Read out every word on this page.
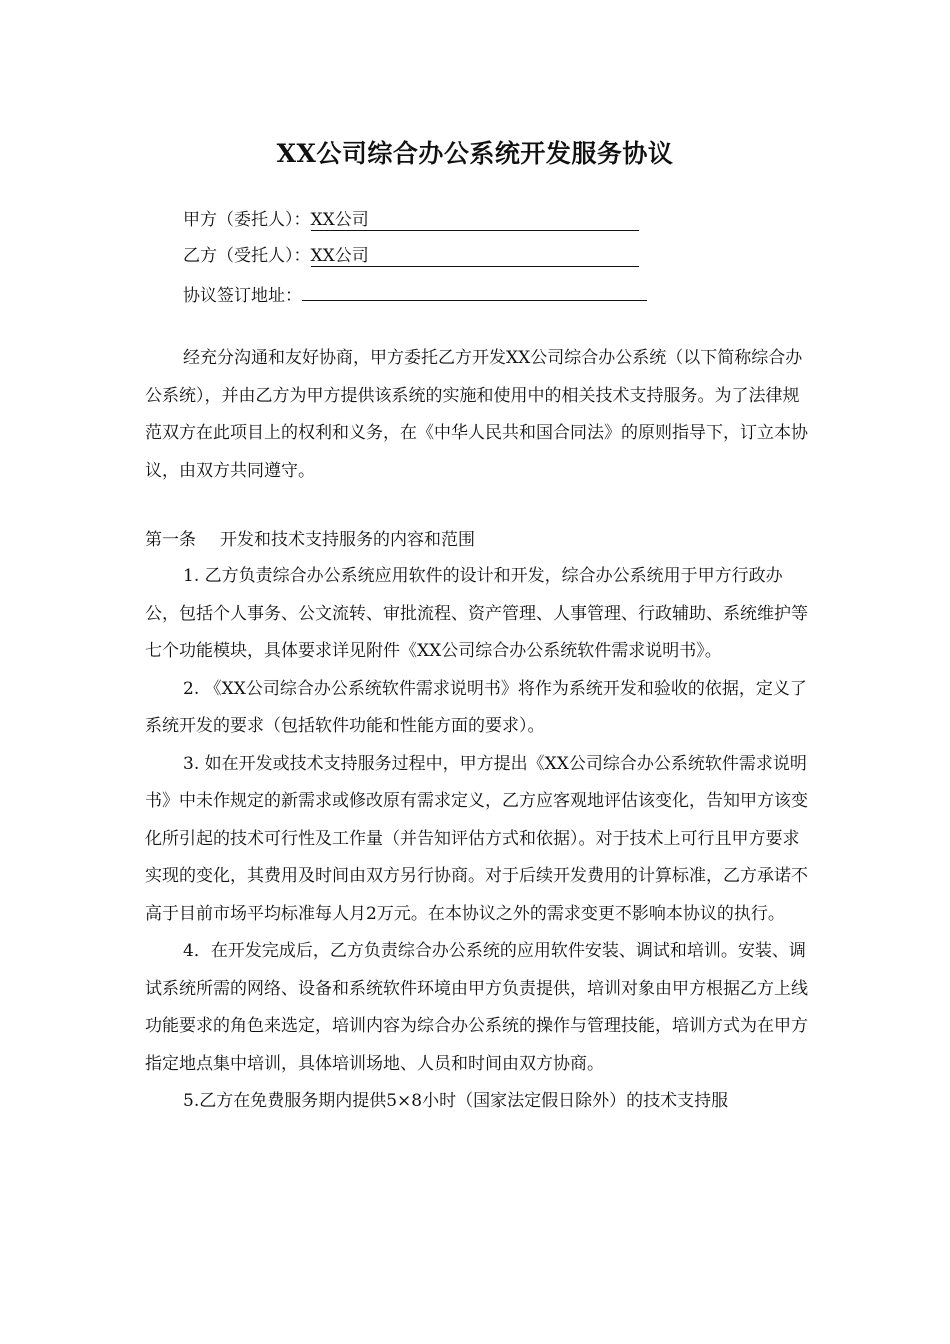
XX公司综合办公系统开发服务协议
甲方（委托人）：XX公司
乙方（受托人）：XX公司
协议签订地址：

经充分沟通和友好协商，甲方委托乙方开发XX公司综合办公系统（以下简称综合办公系统），并由乙方为甲方提供该系统的实施和使用中的相关技术支持服务。为了法律规范双方在此项目上的权利和义务，在《中华人民共和国合同法》的原则指导下，订立本协议，由双方共同遵守。

第一条 开发和技术支持服务的内容和范围

1. 乙方负责综合办公系统应用软件的设计和开发，综合办公系统用于甲方行政办公，包括个人事务、公文流转、审批流程、资产管理、人事管理、行政辅助、系统维护等七个功能模块，具体要求详见附件《XX公司综合办公系统软件需求说明书》。

2. 《XX公司综合办公系统软件需求说明书》将作为系统开发和验收的依据，定义了系统开发的要求（包括软件功能和性能方面的要求）。

3. 如在开发或技术支持服务过程中，甲方提出《XX公司综合办公系统软件需求说明书》中未作规定的新需求或修改原有需求定义，乙方应客观地评估该变化，告知甲方该变化所引起的技术可行性及工作量（并告知评估方式和依据）。对于技术上可行且甲方要求实现的变化，其费用及时间由双方另行协商。对于后续开发费用的计算标准，乙方承诺不高于目前市场平均标准每人月2万元。在本协议之外的需求变更不影响本协议的执行。

4．在开发完成后，乙方负责综合办公系统的应用软件安装、调试和培训。安装、调试系统所需的网络、设备和系统软件环境由甲方负责提供，培训对象由甲方根据乙方上线功能要求的角色来选定，培训内容为综合办公系统的操作与管理技能，培训方式为在甲方指定地点集中培训，具体培训场地、人员和时间由双方协商。

5.乙方在免费服务期内提供5×8小时（国家法定假日除外）的技术支持服
